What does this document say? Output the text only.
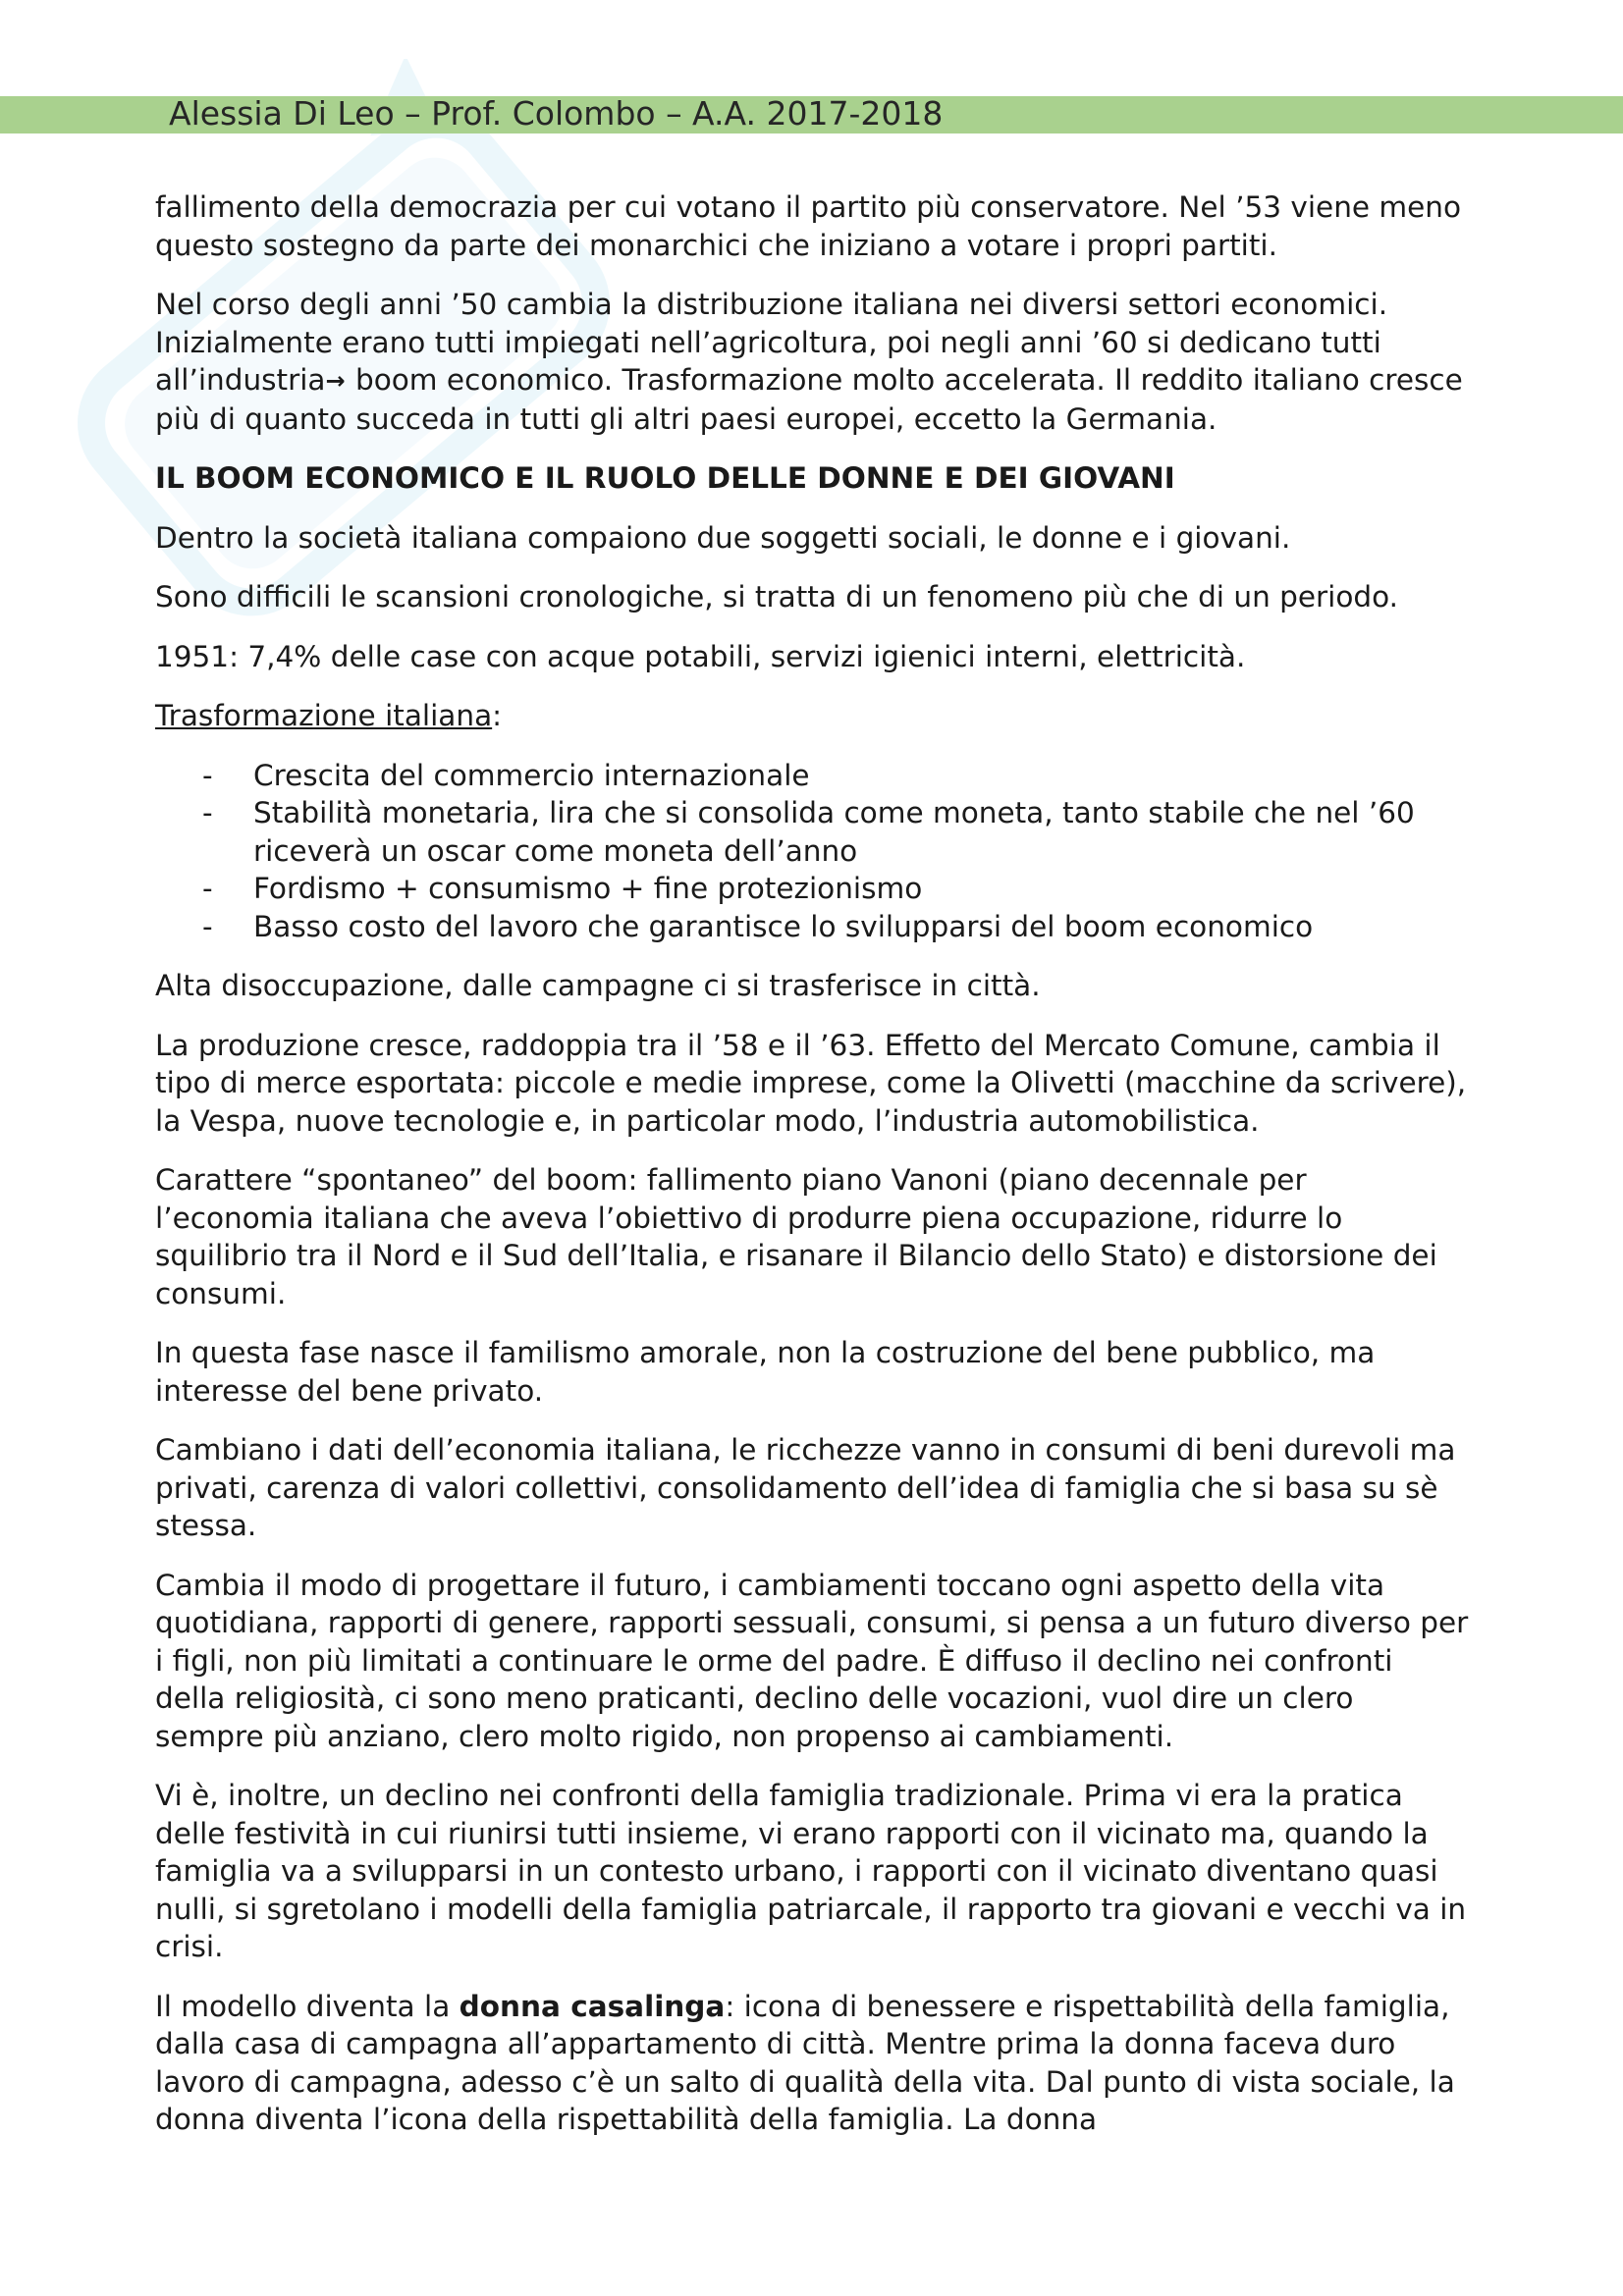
Alessia Di Leo – Prof. Colombo – A.A. 2017-2018

fallimento della democrazia per cui votano il partito più conservatore. Nel ’53 viene meno questo sostegno da parte dei monarchici che iniziano a votare i propri partiti.

Nel corso degli anni ’50 cambia la distribuzione italiana nei diversi settori economici. Inizialmente erano tutti impiegati nell’agricoltura, poi negli anni ’60 si dedicano tutti all’industria→ boom economico. Trasformazione molto accelerata. Il reddito italiano cresce più di quanto succeda in tutti gli altri paesi europei, eccetto la Germania.

IL BOOM ECONOMICO E IL RUOLO DELLE DONNE E DEI GIOVANI

Dentro la società italiana compaiono due soggetti sociali, le donne e i giovani.

Sono difficili le scansioni cronologiche, si tratta di un fenomeno più che di un periodo.

1951: 7,4% delle case con acque potabili, servizi igienici interni, elettricità.

Trasformazione italiana:

- Crescita del commercio internazionale
- Stabilità monetaria, lira che si consolida come moneta, tanto stabile che nel ’60 riceverà un oscar come moneta dell’anno
- Fordismo + consumismo + fine protezionismo
- Basso costo del lavoro che garantisce lo svilupparsi del boom economico

Alta disoccupazione, dalle campagne ci si trasferisce in città.

La produzione cresce, raddoppia tra il ’58 e il ’63. Effetto del Mercato Comune, cambia il tipo di merce esportata: piccole e medie imprese, come la Olivetti (macchine da scrivere), la Vespa, nuove tecnologie e, in particolar modo, l’industria automobilistica.

Carattere “spontaneo” del boom: fallimento piano Vanoni (piano decennale per l’economia italiana che aveva l’obiettivo di produrre piena occupazione, ridurre lo squilibrio tra il Nord e il Sud dell’Italia, e risanare il Bilancio dello Stato) e distorsione dei consumi.

In questa fase nasce il familismo amorale, non la costruzione del bene pubblico, ma interesse del bene privato.

Cambiano i dati dell’economia italiana, le ricchezze vanno in consumi di beni durevoli ma privati, carenza di valori collettivi, consolidamento dell’idea di famiglia che si basa su sè stessa.

Cambia il modo di progettare il futuro, i cambiamenti toccano ogni aspetto della vita quotidiana, rapporti di genere, rapporti sessuali, consumi, si pensa a un futuro diverso per i figli, non più limitati a continuare le orme del padre. È diffuso il declino nei confronti della religiosità, ci sono meno praticanti, declino delle vocazioni, vuol dire un clero sempre più anziano, clero molto rigido, non propenso ai cambiamenti.

Vi è, inoltre, un declino nei confronti della famiglia tradizionale. Prima vi era la pratica delle festività in cui riunirsi tutti insieme, vi erano rapporti con il vicinato ma, quando la famiglia va a svilupparsi in un contesto urbano, i rapporti con il vicinato diventano quasi nulli, si sgretolano i modelli della famiglia patriarcale, il rapporto tra giovani e vecchi va in crisi.

Il modello diventa la donna casalinga: icona di benessere e rispettabilità della famiglia, dalla casa di campagna all’appartamento di città. Mentre prima la donna faceva duro lavoro di campagna, adesso c’è un salto di qualità della vita. Dal punto di vista sociale, la donna diventa l’icona della rispettabilità della famiglia. La donna
